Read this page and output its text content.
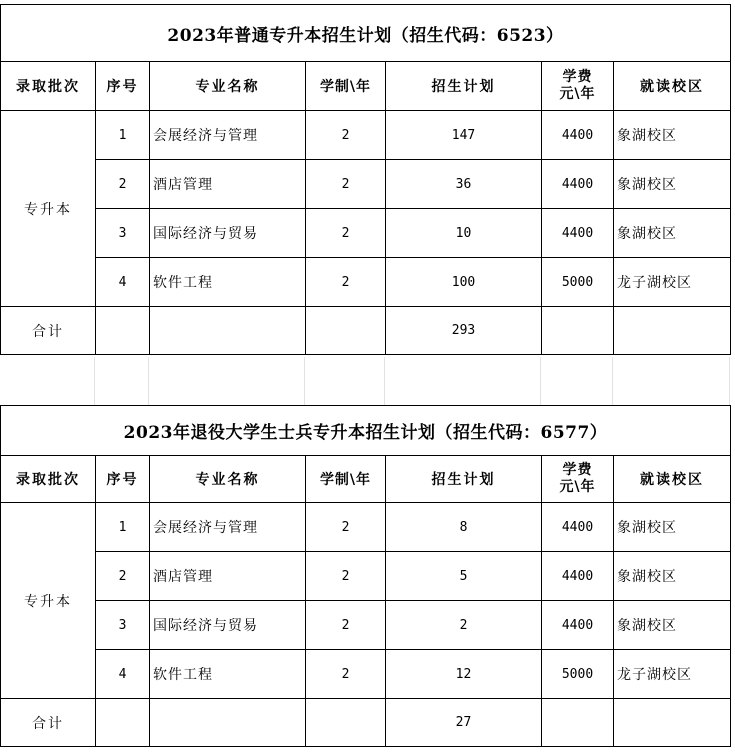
2023年普通专升本招生计划（招生代码：6523）						
录取批次	序号	专业名称	学制\年	招生计划	学费元\年	就读校区
专升本	1	会展经济与管理	2	147	4400	象湖校区
	2	酒店管理	2	36	4400	象湖校区
	3	国际经济与贸易	2	10	4400	象湖校区
	4	软件工程	2	100	5000	龙子湖校区
合计				293		
2023年退役大学生士兵专升本招生计划（招生代码：6577）						
录取批次	序号	专业名称	学制\年	招生计划	学费元\年	就读校区
专升本	1	会展经济与管理	2	8	4400	象湖校区
	2	酒店管理	2	5	4400	象湖校区
	3	国际经济与贸易	2	2	4400	象湖校区
	4	软件工程	2	12	5000	龙子湖校区
合计				27		
